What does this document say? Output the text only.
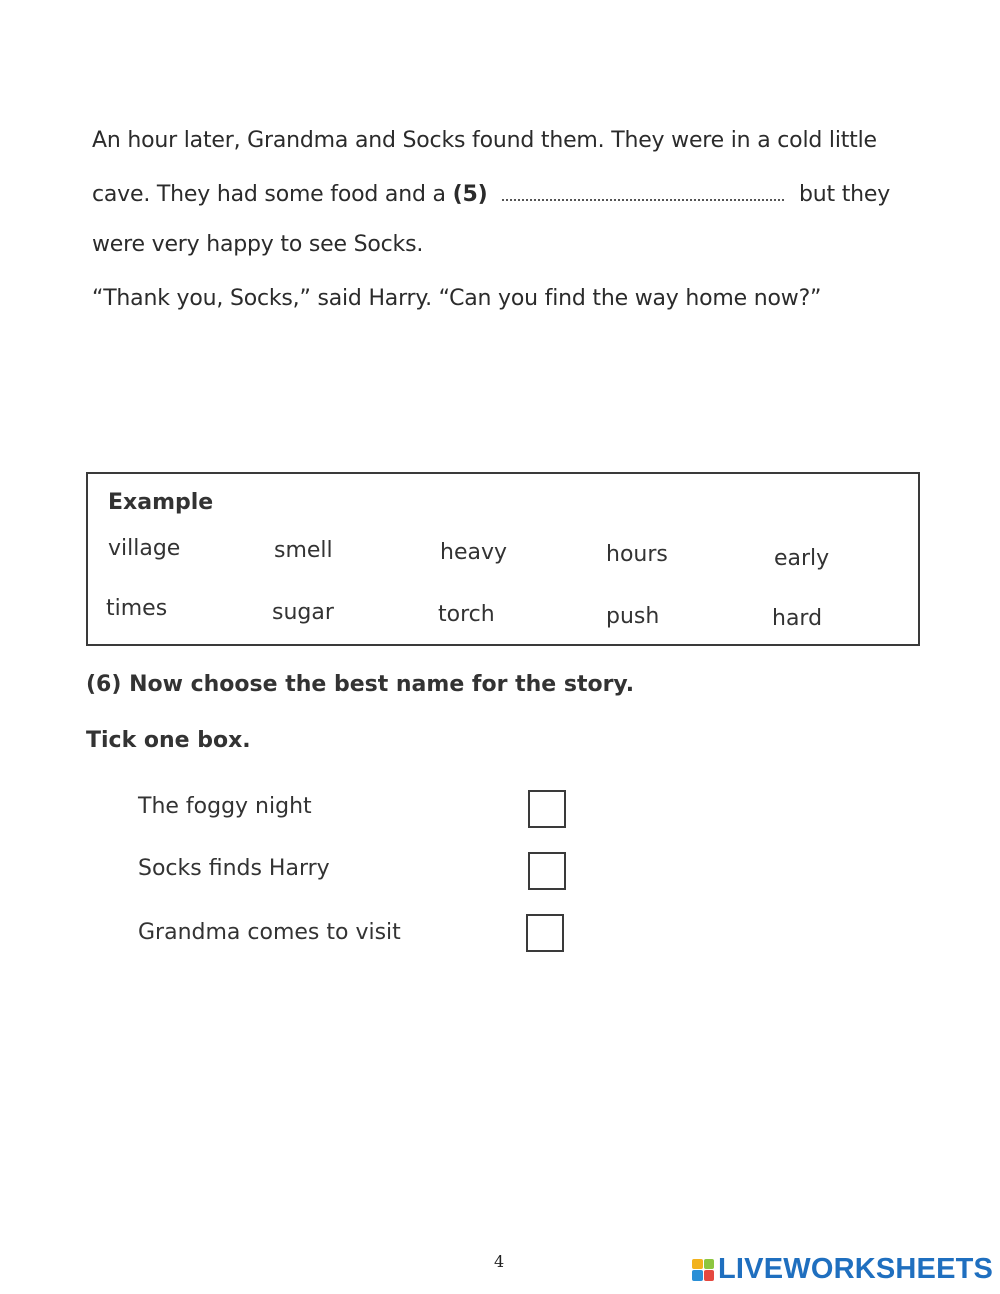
An hour later, Grandma and Socks found them. They were in a cold little
cave. They had some food and a (5)	but they
were very happy to see Socks.
“Thank you, Socks,” said Harry. “Can you find the way home now?”
Example
village	smell	heavy	hours	early
times	sugar	torch	push	hard
(6) Now choose the best name for the story.
Tick one box.
The foggy night
Socks finds Harry
Grandma comes to visit
4	LIVEWORKSHEETS
